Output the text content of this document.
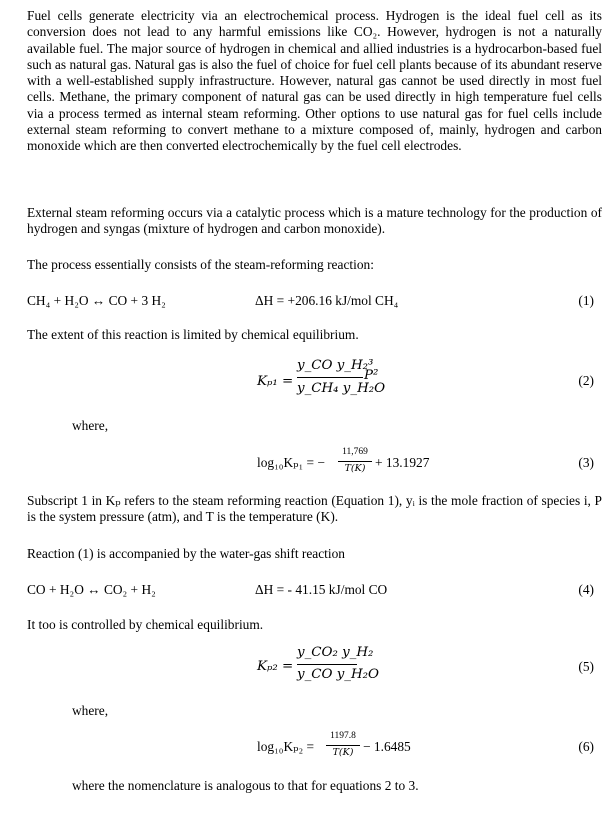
Fuel cells generate electricity via an electrochemical process. Hydrogen is the ideal fuel cell as its conversion does not lead to any harmful emissions like CO₂. However, hydrogen is not a naturally available fuel. The major source of hydrogen in chemical and allied industries is a hydrocarbon-based fuel such as natural gas. Natural gas is also the fuel of choice for fuel cell plants because of its abundant reserve with a well-established supply infrastructure. However, natural gas cannot be used directly in most fuel cells. Methane, the primary component of natural gas can be used directly in high temperature fuel cells via a process termed as internal steam reforming. Other options to use natural gas for fuel cells include external steam reforming to convert methane to a mixture composed of, mainly, hydrogen and carbon monoxide which are then converted electrochemically by the fuel cell electrodes.
External steam reforming occurs via a catalytic process which is a mature technology for the production of hydrogen and syngas (mixture of hydrogen and carbon monoxide).
The process essentially consists of the steam-reforming reaction:
CH₄ + H₂O ↔ CO + 3 H₂	ΔH = +206.16 kJ/mol CH₄	(1)
The extent of this reaction is limited by chemical equilibrium.
Kₚ₁ =
y_CO y_H₂³
y_CH₄ y_H₂O
P²	(2)
where,
log₁₀Kₚ₁ = −
11,769
T(K) + 13.1927	(3)
Subscript 1 in Kₚ refers to the steam reforming reaction (Equation 1), yᵢ is the mole fraction of species i, P is the system pressure (atm), and T is the temperature (K).
Reaction (1) is accompanied by the water-gas shift reaction
CO + H₂O ↔ CO₂ + H₂	ΔH = - 41.15 kJ/mol CO	(4)
It too is controlled by chemical equilibrium.
Kₚ₂ =
y_CO₂ y_H₂
y_CO y_H₂O
(5)
where,
log₁₀Kₚ₂ =
1197.8
T(K) − 1.6485	(6)
where the nomenclature is analogous to that for equations 2 to 3.
